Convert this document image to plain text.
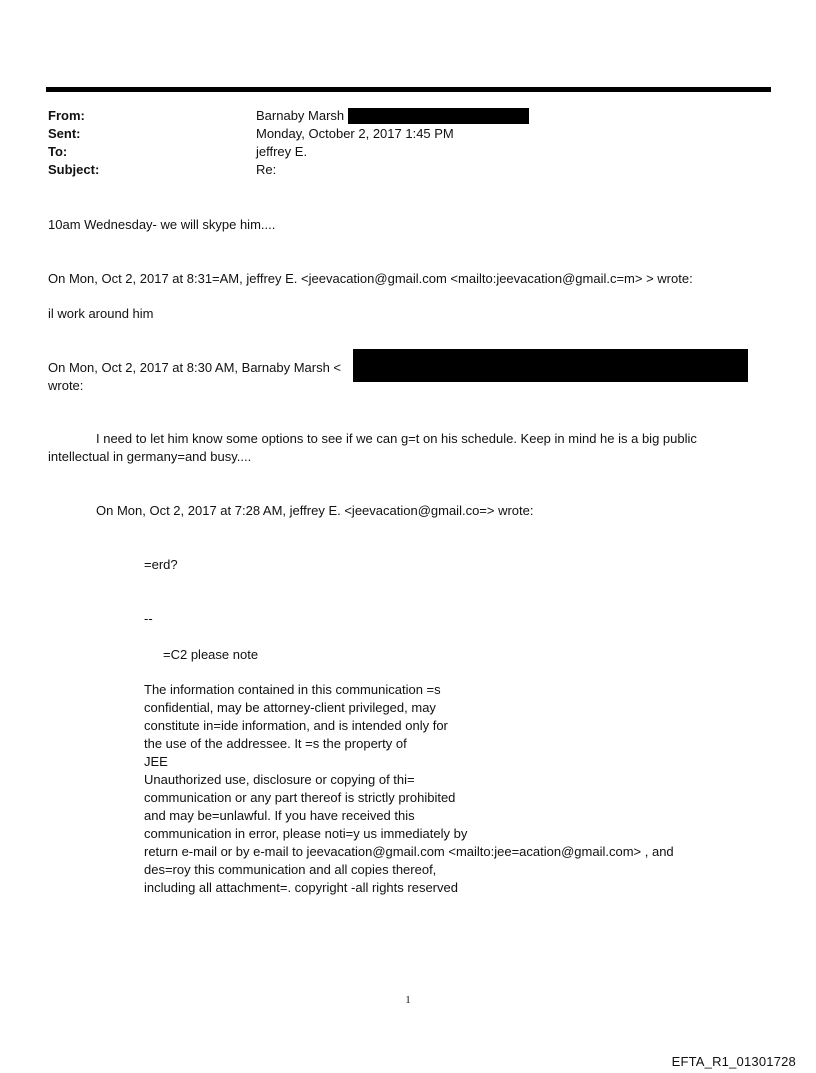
From:	Barnaby Marsh
Sent:	Monday, October 2, 2017 1:45 PM
To:	jeffrey E.
Subject:	Re:
10am Wednesday- we will skype him....
On Mon, Oct 2, 2017 at 8:31=AM, jeffrey E. <jeevacation@gmail.com <mailto:jeevacation@gmail.c=m> > wrote:
il work around him
On Mon, Oct 2, 2017 at 8:30 AM, Barnaby Marsh <
wrote:
I need to let him know some options to see if we can g=t on his schedule. Keep in mind he is a big public
intellectual in germany=and busy....
On Mon, Oct 2, 2017 at 7:28 AM, jeffrey E. <jeevacation@gmail.co=> wrote:
=erd?
--
=C2 please note
The information contained in this communication =s
confidential, may be attorney-client privileged, may
constitute in=ide information, and is intended only for
the use of the addressee. It =s the property of
JEE
Unauthorized use, disclosure or copying of thi=
communication or any part thereof is strictly prohibited
and may be=unlawful. If you have received this
communication in error, please noti=y us immediately by
return e-mail or by e-mail to jeevacation@gmail.com <mailto:jee=acation@gmail.com> , and
des=roy this communication and all copies thereof,
including all attachment=. copyright -all rights reserved
1
EFTA_R1_01301728
